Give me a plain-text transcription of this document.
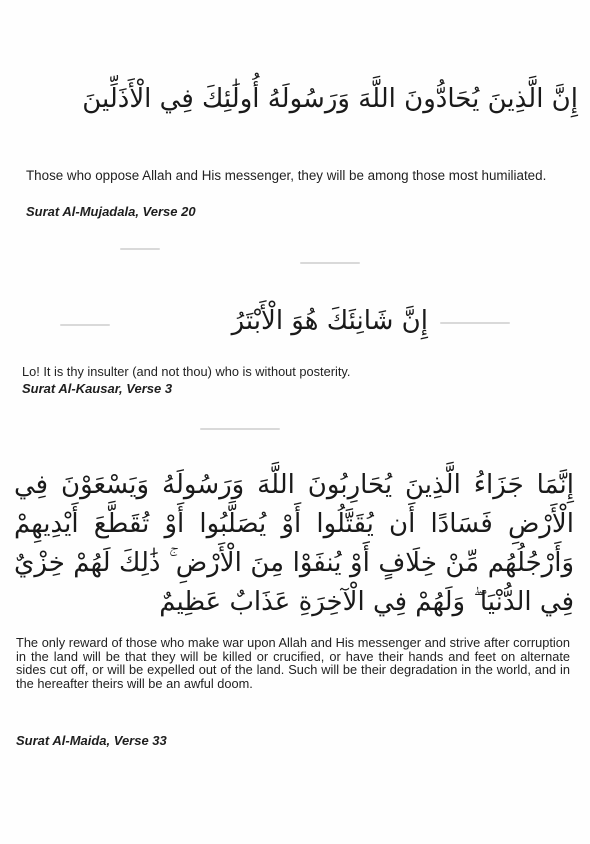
إِنَّ الَّذِينَ يُحَادُّونَ اللَّهَ وَرَسُولَهُ أُولَٰئِكَ فِي الْأَذَلِّينَ
Those who oppose Allah and His messenger, they will be among those most humiliated.
Surat Al-Mujadala, Verse 20
إِنَّ شَانِئَكَ هُوَ الْأَبْتَرُ
Lo! It is thy insulter (and not thou) who is without posterity.
Surat Al-Kausar, Verse 3
إِنَّمَا جَزَاءُ الَّذِينَ يُحَارِبُونَ اللَّهَ وَرَسُولَهُ وَيَسْعَوْنَ فِي الْأَرْضِ فَسَادًا أَن يُقَتَّلُوا أَوْ يُصَلَّبُوا أَوْ تُقَطَّعَ أَيْدِيهِمْ وَأَرْجُلُهُم مِّنْ خِلَافٍ أَوْ يُنفَوْا مِنَ الْأَرْضِ ۚ ذَٰلِكَ لَهُمْ خِزْيٌ فِي الدُّنْيَا ۖ وَلَهُمْ فِي الْآخِرَةِ عَذَابٌ عَظِيمٌ
The only reward of those who make war upon Allah and His messenger and strive after corruption in the land will be that they will be killed or crucified, or have their hands and feet on alternate sides cut off, or will be expelled out of the land. Such will be their degradation in the world, and in the hereafter theirs will be an awful doom.
Surat Al-Maida, Verse 33
